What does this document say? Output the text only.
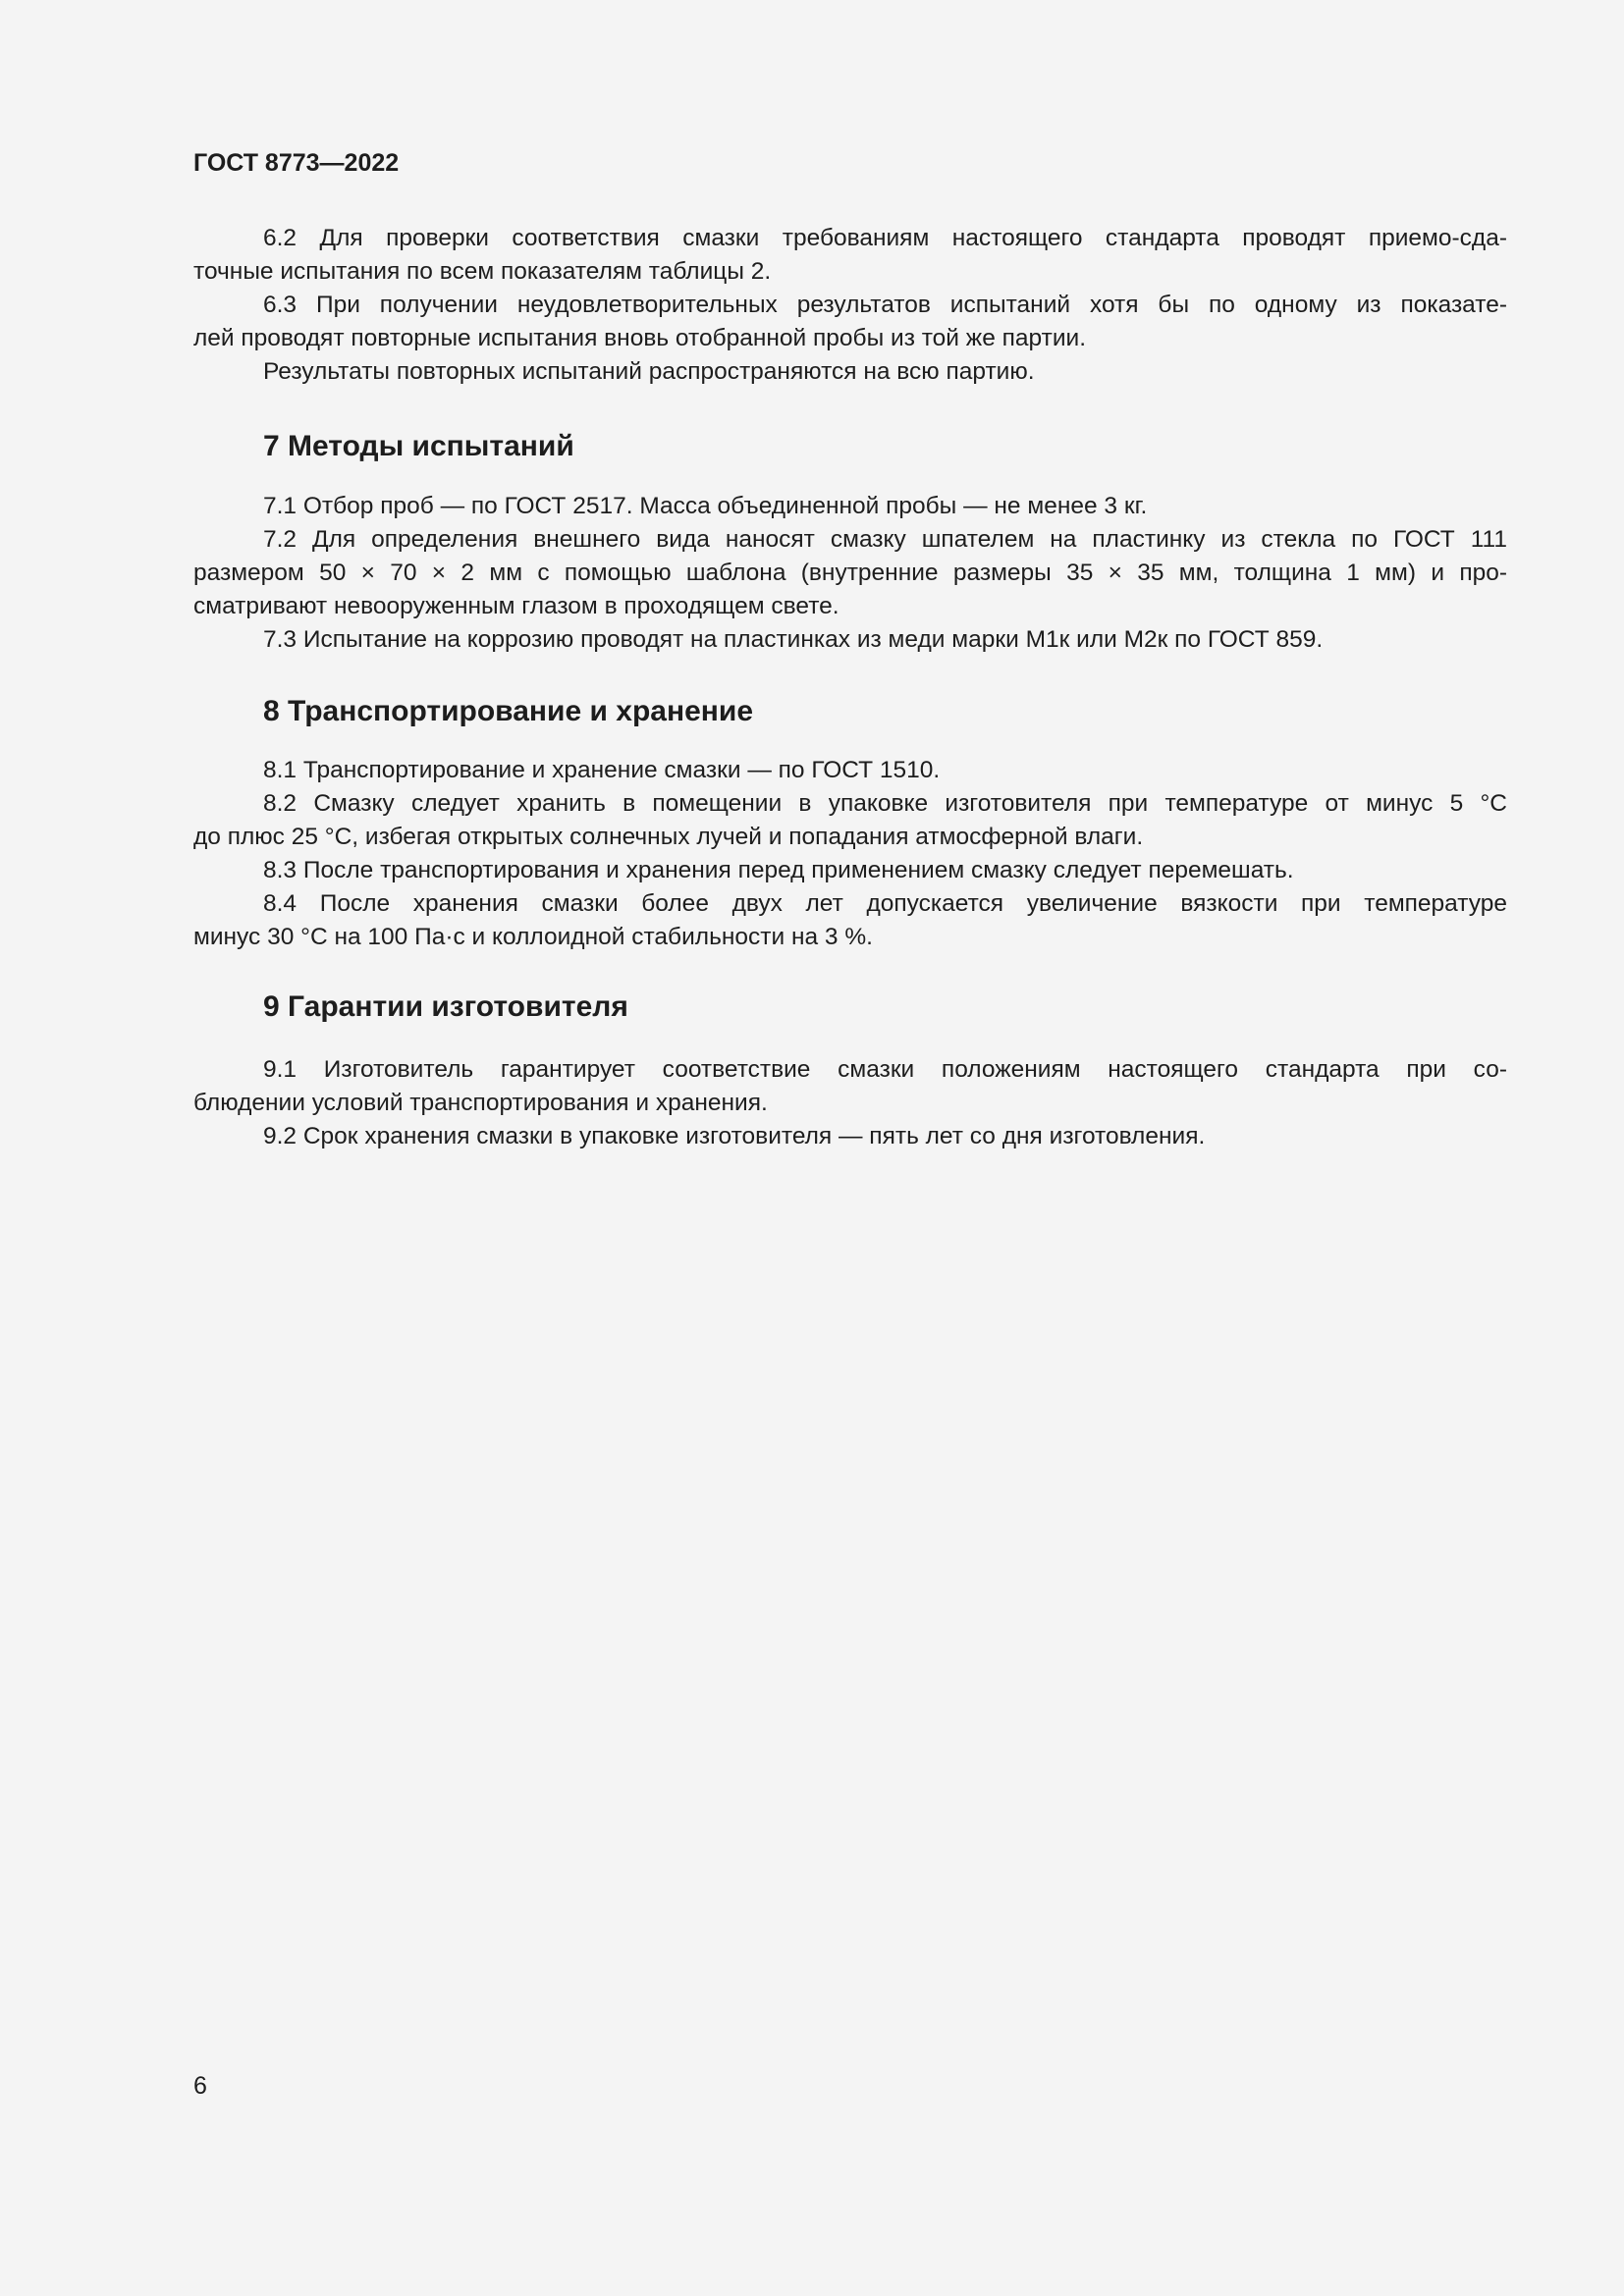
ГОСТ 8773—2022
7 Методы испытаний
8 Транспортирование и хранение
9 Гарантии изготовителя
6.2 Для проверки соответствия смазки требованиям настоящего стандарта проводят приемо-сда-
точные испытания по всем показателям таблицы 2.
6.3 При получении неудовлетворительных результатов испытаний хотя бы по одному из показате-
лей проводят повторные испытания вновь отобранной пробы из той же партии.
Результаты повторных испытаний распространяются на всю партию.
7.1 Отбор проб — по ГОСТ 2517. Масса объединенной пробы — не менее 3 кг.
7.2 Для определения внешнего вида наносят смазку шпателем на пластинку из стекла по ГОСТ 111
размером 50 × 70 × 2 мм с помощью шаблона (внутренние размеры 35 × 35 мм, толщина 1 мм) и про-
сматривают невооруженным глазом в проходящем свете.
7.3 Испытание на коррозию проводят на пластинках из меди марки М1к или М2к по ГОСТ 859.
8.1 Транспортирование и хранение смазки — по ГОСТ 1510.
8.2 Смазку следует хранить в помещении в упаковке изготовителя при температуре от минус 5 °С
до плюс 25 °С, избегая открытых солнечных лучей и попадания атмосферной влаги.
8.3 После транспортирования и хранения перед применением смазку следует перемешать.
8.4 После хранения смазки более двух лет допускается увеличение вязкости при температуре
минус 30 °С на 100 Па·с и коллоидной стабильности на 3 %.
9.1 Изготовитель гарантирует соответствие смазки положениям настоящего стандарта при со-
блюдении условий транспортирования и хранения.
9.2 Срок хранения смазки в упаковке изготовителя — пять лет со дня изготовления.
6
